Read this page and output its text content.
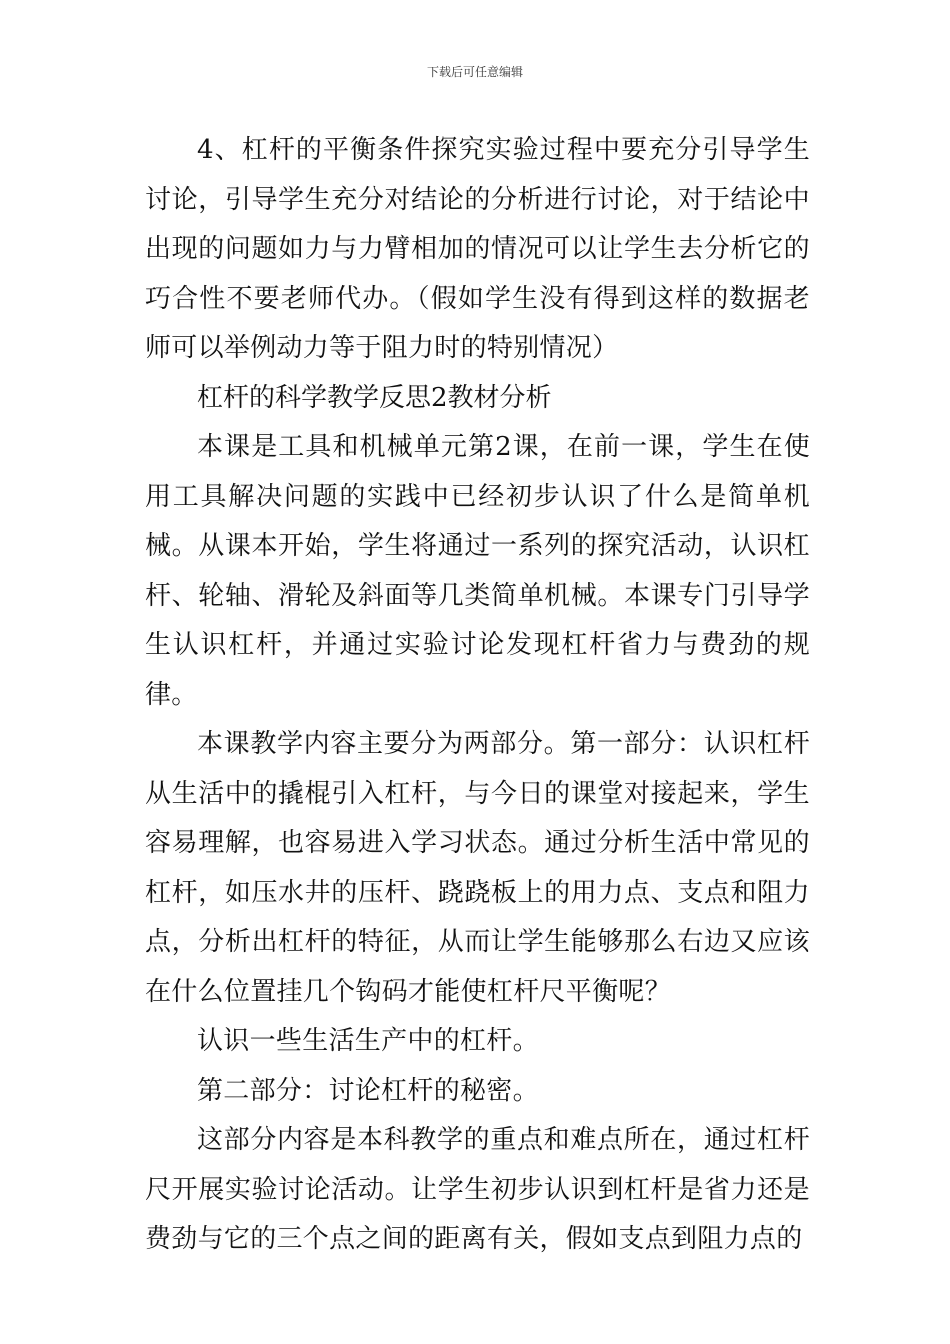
下载后可任意编辑

4、杠杆的平衡条件探究实验过程中要充分引导学生讨论，引导学生充分对结论的分析进行讨论，对于结论中出现的问题如力与力臂相加的情况可以让学生去分析它的巧合性不要老师代办。（假如学生没有得到这样的数据老师可以举例动力等于阻力时的特别情况）

杠杆的科学教学反思2教材分析

本课是工具和机械单元第2课，在前一课，学生在使用工具解决问题的实践中已经初步认识了什么是简单机械。从课本开始，学生将通过一系列的探究活动，认识杠杆、轮轴、滑轮及斜面等几类简单机械。本课专门引导学生认识杠杆，并通过实验讨论发现杠杆省力与费劲的规律。

本课教学内容主要分为两部分。第一部分：认识杠杆从生活中的撬棍引入杠杆，与今日的课堂对接起来，学生容易理解，也容易进入学习状态。通过分析生活中常见的杠杆，如压水井的压杆、跷跷板上的用力点、支点和阻力点，分析出杠杆的特征，从而让学生能够那么右边又应该在什么位置挂几个钩码才能使杠杆尺平衡呢？

认识一些生活生产中的杠杆。

第二部分：讨论杠杆的秘密。

这部分内容是本科教学的重点和难点所在，通过杠杆尺开展实验讨论活动。让学生初步认识到杠杆是省力还是费劲与它的三个点之间的距离有关，假如支点到阻力点的
